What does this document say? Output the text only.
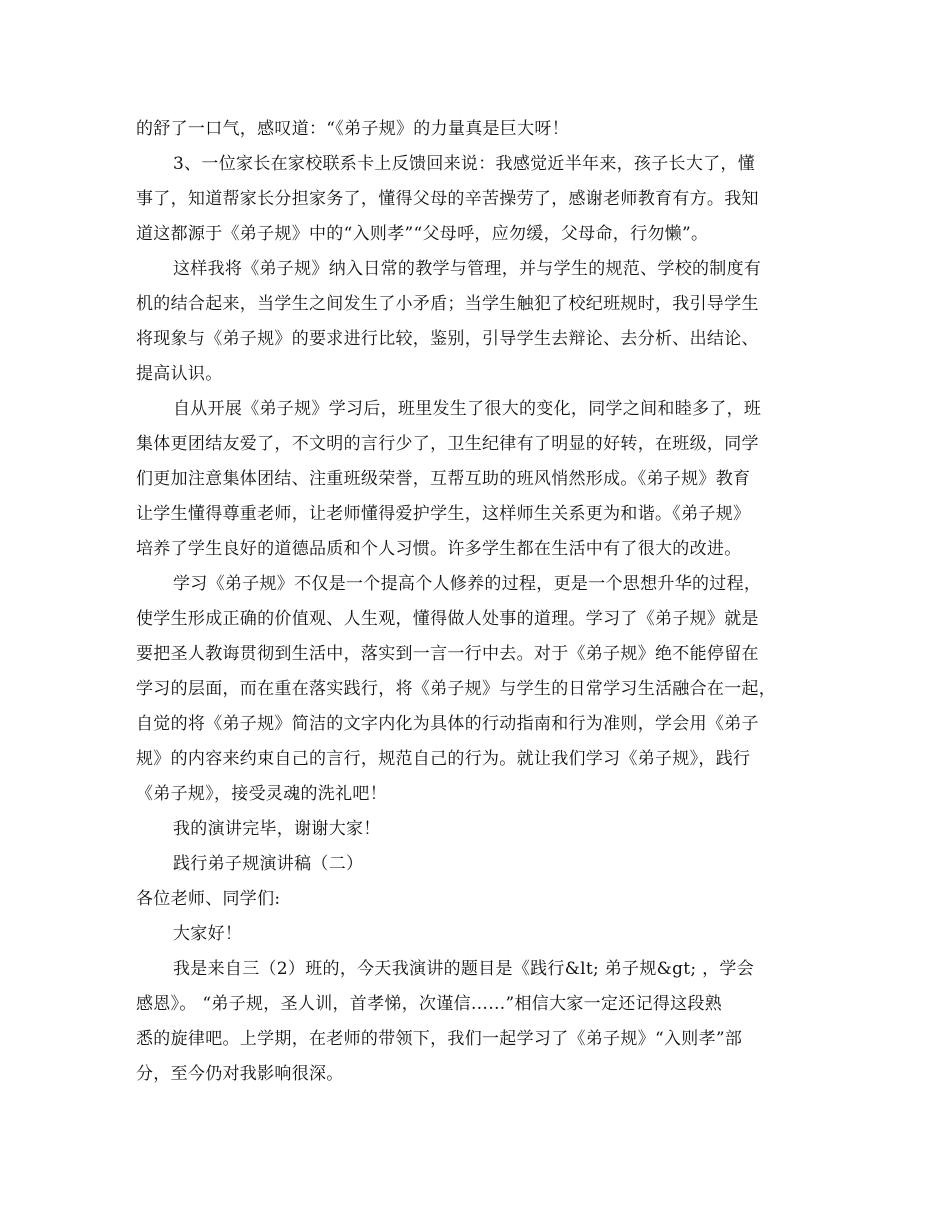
的舒了一口气，感叹道：“《弟子规》的力量真是巨大呀！
3、一位家长在家校联系卡上反馈回来说：我感觉近半年来，孩子长大了，懂
事了，知道帮家长分担家务了，懂得父母的辛苦操劳了，感谢老师教育有方。我知
道这都源于《弟子规》中的“入则孝”“父母呼，应勿缓，父母命，行勿懒”。
这样我将《弟子规》纳入日常的教学与管理，并与学生的规范、学校的制度有
机的结合起来，当学生之间发生了小矛盾；当学生触犯了校纪班规时，我引导学生
将现象与《弟子规》的要求进行比较，鉴别，引导学生去辩论、去分析、出结论、
提高认识。
自从开展《弟子规》学习后，班里发生了很大的变化，同学之间和睦多了，班
集体更团结友爱了，不文明的言行少了，卫生纪律有了明显的好转，在班级，同学
们更加注意集体团结、注重班级荣誉，互帮互助的班风悄然形成。《弟子规》教育
让学生懂得尊重老师，让老师懂得爱护学生，这样师生关系更为和谐。《弟子规》
培养了学生良好的道德品质和个人习惯。许多学生都在生活中有了很大的改进。
学习《弟子规》不仅是一个提高个人修养的过程，更是一个思想升华的过程，
使学生形成正确的价值观、人生观，懂得做人处事的道理。学习了《弟子规》就是
要把圣人教诲贯彻到生活中，落实到一言一行中去。对于《弟子规》绝不能停留在
学习的层面，而在重在落实践行，将《弟子规》与学生的日常学习生活融合在一起，
自觉的将《弟子规》简洁的文字内化为具体的行动指南和行为准则，学会用《弟子
规》的内容来约束自己的言行，规范自己的行为。就让我们学习《弟子规》，践行
《弟子规》，接受灵魂的洗礼吧！
我的演讲完毕，谢谢大家！
践行弟子规演讲稿（二）
各位老师、同学们:
大家好！
我是来自三（2）班的，今天我演讲的题目是《践行&lt; 弟子规&gt; ，学会
感恩》。 “弟子规，圣人训，首孝悌，次谨信……”相信大家一定还记得这段熟
悉的旋律吧。上学期，在老师的带领下，我们一起学习了《弟子规》“入则孝”部
分，至今仍对我影响很深。
